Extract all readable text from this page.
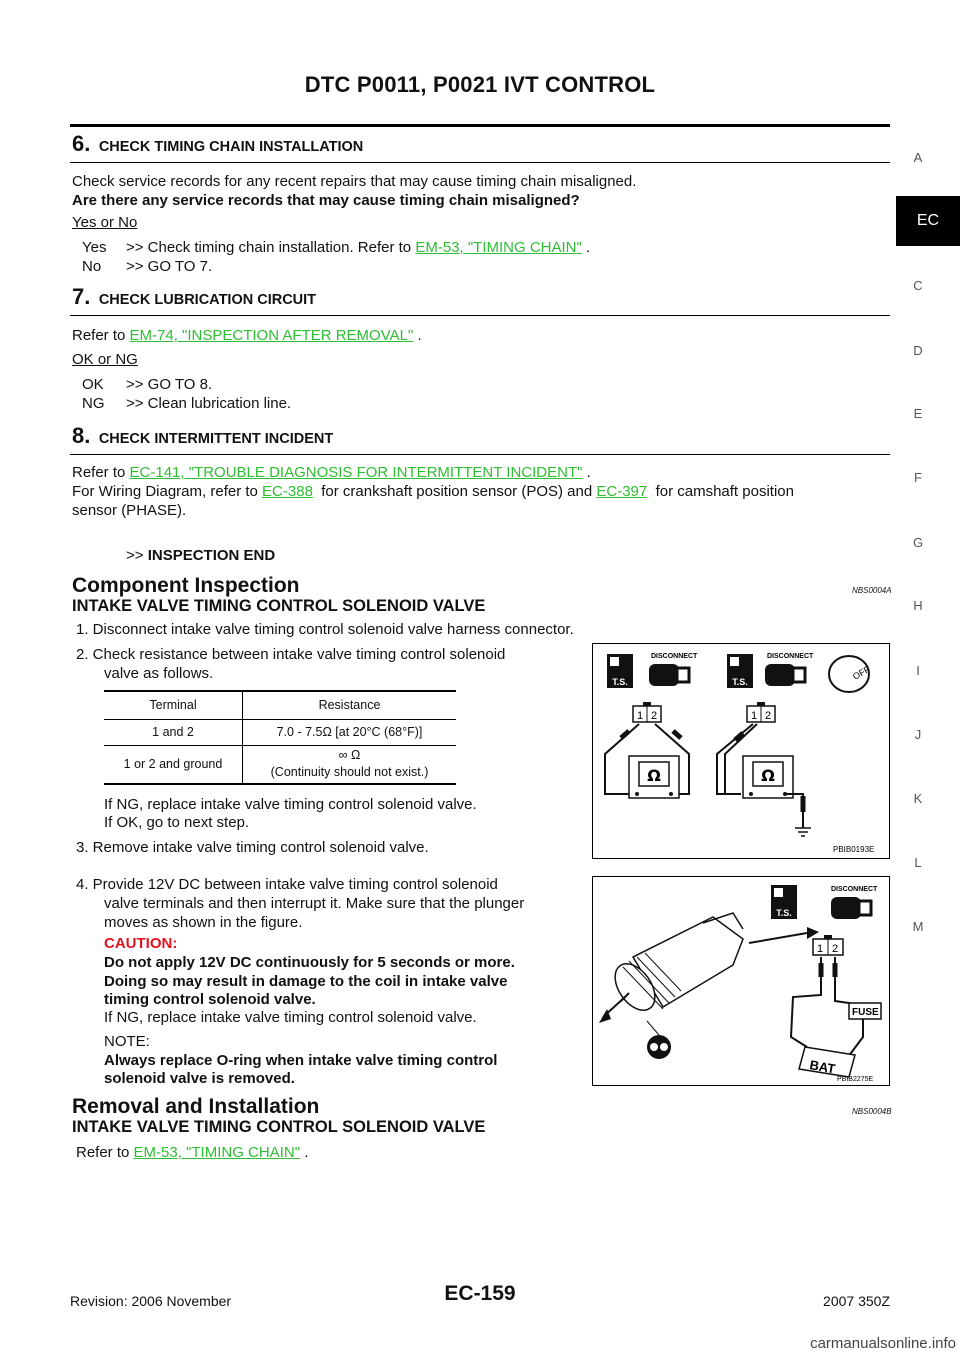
DTC P0011, P0021 IVT CONTROL
A
EC
C
D
E
F
G
H
I
J
K
L
M
6. CHECK TIMING CHAIN INSTALLATION
Check service records for any recent repairs that may cause timing chain misaligned.
Are there any service records that may cause timing chain misaligned?
Yes or No
Yes >> Check timing chain installation. Refer to EM-53, "TIMING CHAIN" .
No >> GO TO 7.
7. CHECK LUBRICATION CIRCUIT
Refer to EM-74, "INSPECTION AFTER REMOVAL" .
OK or NG
OK >> GO TO 8.
NG >> Clean lubrication line.
8. CHECK INTERMITTENT INCIDENT
Refer to EC-141, "TROUBLE DIAGNOSIS FOR INTERMITTENT INCIDENT" .
For Wiring Diagram, refer to EC-388  for crankshaft position sensor (POS) and EC-397  for camshaft position
sensor (PHASE).
>> INSPECTION END
Component Inspection	NBS0004A
INTAKE VALVE TIMING CONTROL SOLENOID VALVE
1. Disconnect intake valve timing control solenoid valve harness connector.
2. Check resistance between intake valve timing control solenoid
valve as follows.
Terminal	Resistance
1 and 2	7.0 - 7.5Ω [at 20°C (68°F)]
1 or 2 and ground	∞ Ω
(Continuity should not exist.)
If NG, replace intake valve timing control solenoid valve.
If OK, go to next step.
3. Remove intake valve timing control solenoid valve.
4. Provide 12V DC between intake valve timing control solenoid
valve terminals and then interrupt it. Make sure that the plunger
moves as shown in the figure.
CAUTION:
Do not apply 12V DC continuously for 5 seconds or more.
Doing so may result in damage to the coil in intake valve
timing control solenoid valve.
If NG, replace intake valve timing control solenoid valve.
NOTE:
Always replace O-ring when intake valve timing control
solenoid valve is removed.
T.S.
DISCONNECT
T.S.
DISCONNECT
OFF
1 2
Ω
1 2
Ω
PBIB0193E
T.S.
DISCONNECT
1 2
FUSE
BAT
PBIB2275E
Removal and Installation	NBS0004B
INTAKE VALVE TIMING CONTROL SOLENOID VALVE
Refer to EM-53, "TIMING CHAIN" .
Revision: 2006 November	EC-159	2007 350Z
carmanualsonline.info
